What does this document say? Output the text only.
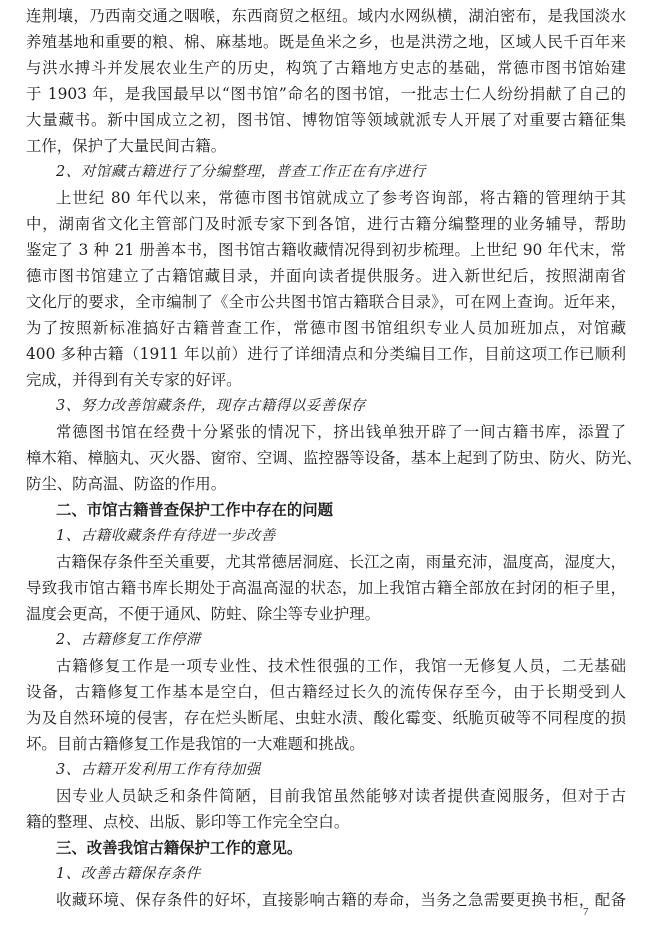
连荆壤，乃西南交通之咽喉，东西商贸之枢纽。域内水网纵横，湖泊密布，是我国淡水
养殖基地和重要的粮、棉、麻基地。既是鱼米之乡，也是洪涝之地，区域人民千百年来
与洪水搏斗并发展农业生产的历史，构筑了古籍地方史志的基础，常德市图书馆始建
于 1903 年，是我国最早以“图书馆”命名的图书馆，一批志士仁人纷纷捐献了自己的
大量藏书。新中国成立之初，图书馆、博物馆等领域就派专人开展了对重要古籍征集
工作，保护了大量民间古籍。
2、对馆藏古籍进行了分编整理，普查工作正在有序进行
上世纪 80 年代以来，常德市图书馆就成立了参考咨询部，将古籍的管理纳于其
中，湖南省文化主管部门及时派专家下到各馆，进行古籍分编整理的业务辅导，帮助
鉴定了 3 种 21 册善本书，图书馆古籍收藏情况得到初步梳理。上世纪 90 年代末，常
德市图书馆建立了古籍馆藏目录，并面向读者提供服务。进入新世纪后，按照湖南省
文化厅的要求，全市编制了《全市公共图书馆古籍联合目录》，可在网上查询。近年来，
为了按照新标准搞好古籍普查工作，常德市图书馆组织专业人员加班加点，对馆藏
400 多种古籍（1911 年以前）进行了详细清点和分类编目工作，目前这项工作已顺利
完成，并得到有关专家的好评。
3、努力改善馆藏条件，现存古籍得以妥善保存
常德图书馆在经费十分紧张的情况下，挤出钱单独开辟了一间古籍书库，添置了
樟木箱、樟脑丸、灭火器、窗帘、空调、监控器等设备，基本上起到了防虫、防火、防光、
防尘、防高温、防盗的作用。
二、市馆古籍普查保护工作中存在的问题
1、古籍收藏条件有待进一步改善
古籍保存条件至关重要，尤其常德居洞庭、长江之南，雨量充沛，温度高，湿度大，
导致我市馆古籍书库长期处于高温高湿的状态，加上我馆古籍全部放在封闭的柜子里，
温度会更高，不便于通风、防蛀、除尘等专业护理。
2、古籍修复工作停滞
古籍修复工作是一项专业性、技术性很强的工作，我馆一无修复人员，二无基础
设备，古籍修复工作基本是空白，但古籍经过长久的流传保存至今，由于长期受到人
为及自然环境的侵害，存在烂头断尾、虫蛀水渍、酸化霉变、纸脆页破等不同程度的损
坏。目前古籍修复工作是我馆的一大难题和挑战。
3、古籍开发利用工作有待加强
因专业人员缺乏和条件简陋，目前我馆虽然能够对读者提供查阅服务，但对于古
籍的整理、点校、出版、影印等工作完全空白。
三、改善我馆古籍保护工作的意见。
1、改善古籍保存条件
收藏环境、保存条件的好坏，直接影响古籍的寿命，当务之急需要更换书柜，配备
7
